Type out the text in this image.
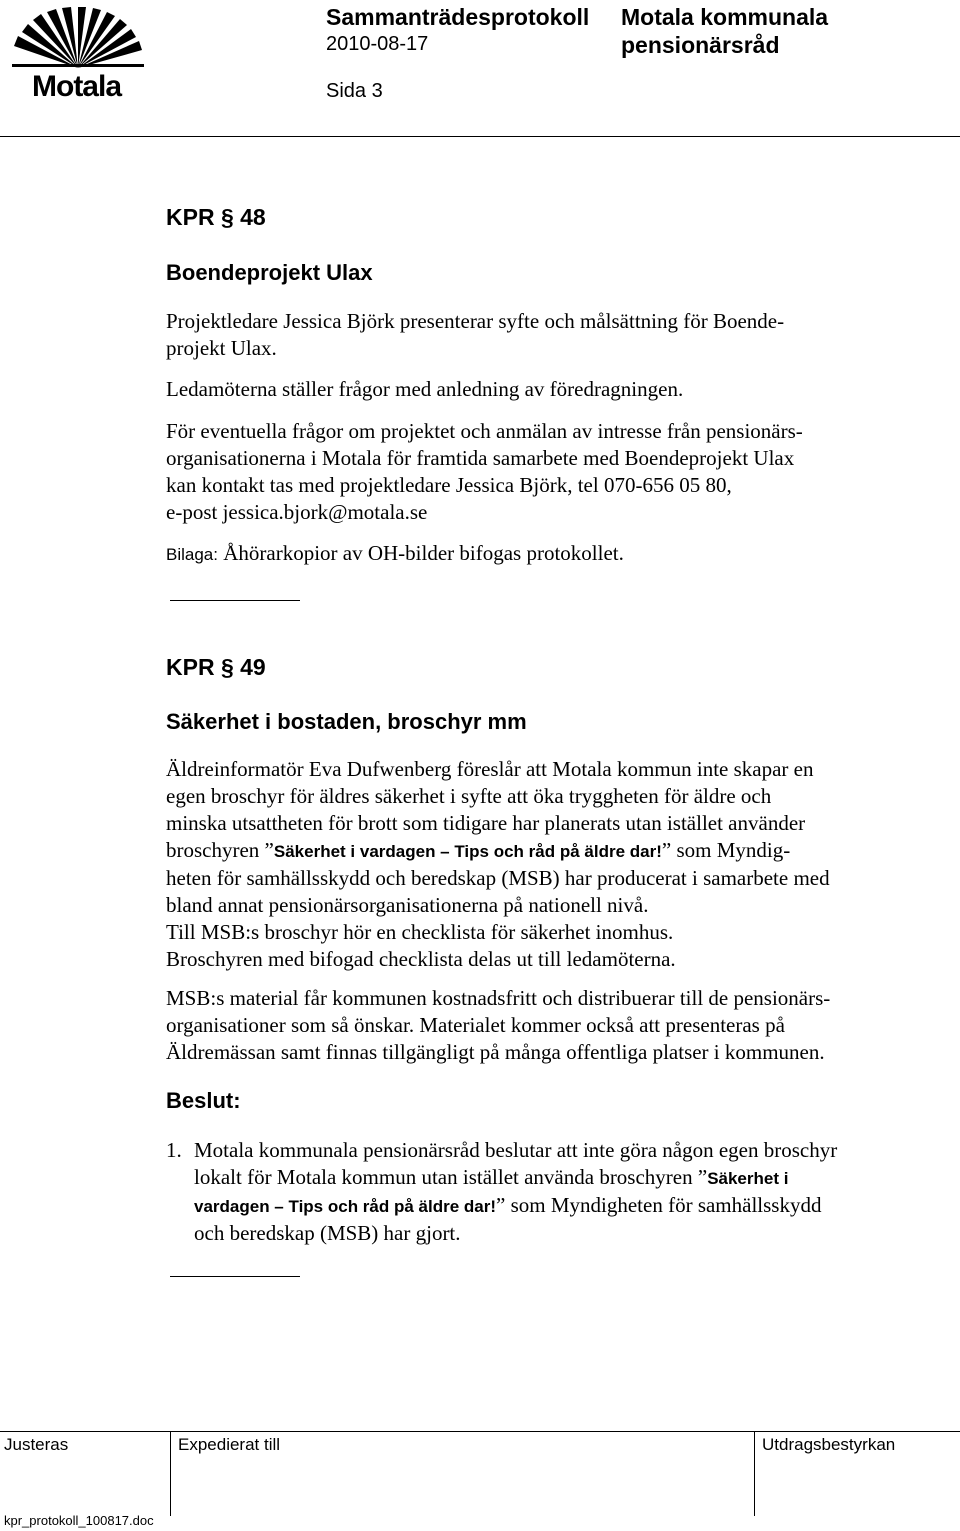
Motala
Sammanträdesprotokoll Motala kommunala
2010-08-17	pensionärsråd
Sida 3
KPR § 48
Boendeprojekt Ulax
Projektledare Jessica Björk presenterar syfte och målsättning för Boende-
projekt Ulax.
Ledamöterna ställer frågor med anledning av föredragningen.
För eventuella frågor om projektet och anmälan av intresse från pensionärs-
organisationerna i Motala för framtida samarbete med Boendeprojekt Ulax
kan kontakt tas med projektledare Jessica Björk, tel 070-656 05 80,
e-post jessica.bjork@motala.se
Bilaga: Åhörarkopior av OH-bilder bifogas protokollet.
KPR § 49
Säkerhet i bostaden, broschyr mm
Äldreinformatör Eva Dufwenberg föreslår att Motala kommun inte skapar en
egen broschyr för äldres säkerhet i syfte att öka tryggheten för äldre och
minska utsattheten för brott som tidigare har planerats utan istället använder
broschyren ”Säkerhet i vardagen – Tips och råd på äldre dar!” som Myndig-
heten för samhällsskydd och beredskap (MSB) har producerat i samarbete med
bland annat pensionärsorganisationerna på nationell nivå.
Till MSB:s broschyr hör en checklista för säkerhet inomhus.
Broschyren med bifogad checklista delas ut till ledamöterna.
MSB:s material får kommunen kostnadsfritt och distribuerar till de pensionärs-
organisationer som så önskar. Materialet kommer också att presenteras på
Äldremässan samt finnas tillgängligt på många offentliga platser i kommunen.
Beslut:
1. Motala kommunala pensionärsråd beslutar att inte göra någon egen broschyr
lokalt för Motala kommun utan istället använda broschyren ”Säkerhet i
vardagen – Tips och råd på äldre dar!” som Myndigheten för samhällsskydd
och beredskap (MSB) har gjort.
Justeras	Expedierat till	Utdragsbestyrkan
kpr_protokoll_100817.doc
